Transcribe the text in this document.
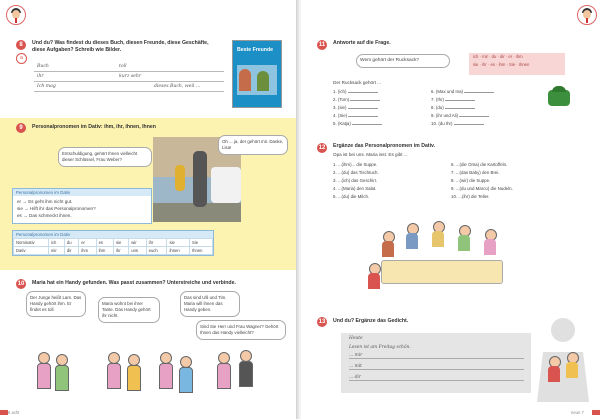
8
a
Und du? Was findest du dieses Buch, diesen Freunde, diese Geschäfte, diese Aufgaben? Schreib wie Bilder.
Buch	toll
ihr	kurz sehr
Ich mag	dieses Buch, weil ...
Beste Freunde
9	Personalpronomen im Dativ: ihm, ihr, ihnen, Ihnen
Entschuldigung, gehört Ihnen vielleicht dieser Schlüssel, Frau Weber?
Oh ... ja, der gehört mir. Danke, Lisa!
Personalpronomen im Dativ
er → Es geht ihm nicht gut.
sie → Hilft ihr das Personalpronomen?
es → Das schmeckt ihnen.
Personalpronomen im Dativ
Nominativ	ich	du	er	es	sie	wir	ihr	sie	Sie
Dativ	mir	dir	ihm	ihm	ihr	uns	euch	ihnen	Ihnen
10	Maria hat ein Handy gefunden. Was passt zusammen? Unterstreiche und verbinde.
Der Junge heißt Lars. Das Handy gehört ihm. Er findet es toll.
Maria wohnt bei ihrer Tante. Das Handy gehört ihr nicht.
Das sind Ulli und Tim. Maria will ihnen das Handy geben.
Sind Sie Herr und Frau Wagner? Gehört Ihnen das Handy vielleicht?
6 acht
11	Antworte auf die Frage.
Wem gehört der Rucksack?
ich · mir · du · dir · er · ihm
sie · ihr · es · ihm · Sie · Ihnen
Der Rucksack gehört ...
1. (ich)
2. (Tom)
3. (sie)
4. (Sie)
5. (Katja)
6. (Max und Ina)
7. (Ihr)
8. (du)
9. (ihr und Ali)
10. (du Ihr)
12	Ergänze das Personalpronomen im Dativ.
Opa ist bei uns. Maria isst. Es gibt ...
1. ...(ihm)... die Suppe.
2. ...(du) das Tischtuch.
3. ...(ich) das Geschirr.
4. ...(Maria) den Salat.
5. ...(du) die Milch.
6. ...(die Oma) die Kartoffeln.
7. ...(das Baby) den Brei.
8. ...(wir) die Suppe.
9. ...(du und Marco) die Nudeln.
10. ...(ihr) die Teller.
13	Und du? Ergänze das Gedicht.
Heute
Lesen ist am Freitag schön.
... mir
... mit
... dir
neun 7
